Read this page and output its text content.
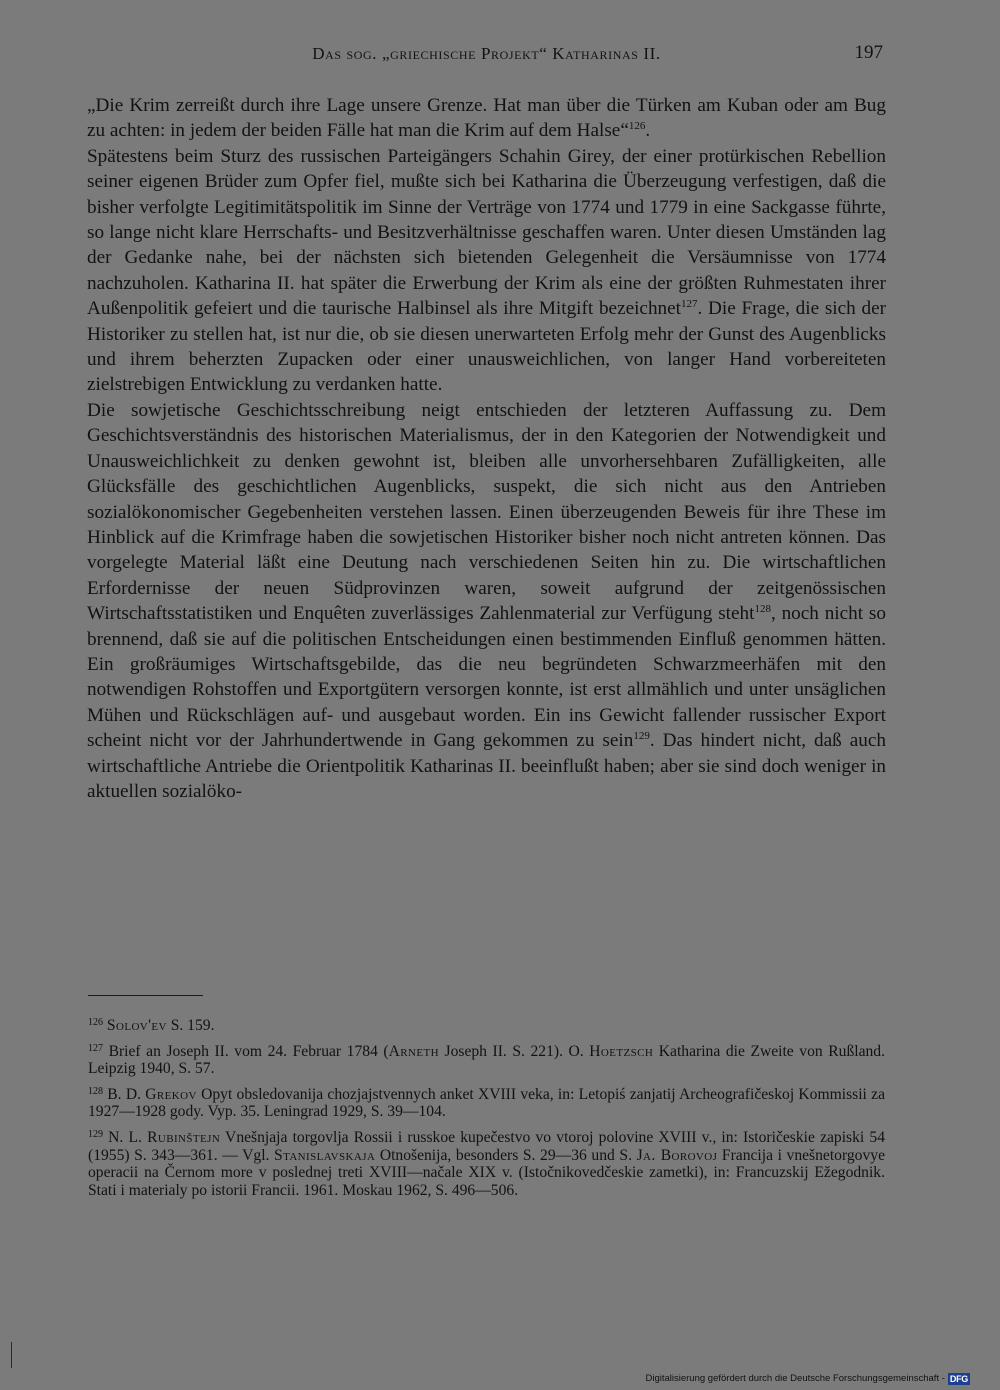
Das sog. „griechische Projekt“ Katharinas II.	197

„Die Krim zerreißt durch ihre Lage unsere Grenze. Hat man über die Türken am Kuban oder am Bug zu achten: in jedem der beiden Fälle hat man die Krim auf dem Halse“$^{126}$.

Spätestens beim Sturz des russischen Parteigängers Schahin Girey, der einer protürkischen Rebellion seiner eigenen Brüder zum Opfer fiel, mußte sich bei Katharina die Überzeugung verfestigen, daß die bisher verfolgte Legitimitätspolitik im Sinne der Verträge von 1774 und 1779 in eine Sackgasse führte, so lange nicht klare Herrschafts- und Besitzverhältnisse geschaffen waren. Unter diesen Umständen lag der Gedanke nahe, bei der nächsten sich bietenden Gelegenheit die Versäumnisse von 1774 nachzuholen. Katharina II. hat später die Erwerbung der Krim als eine der größten Ruhmestaten ihrer Außenpolitik gefeiert und die taurische Halbinsel als ihre Mitgift bezeichnet$^{127}$. Die Frage, die sich der Historiker zu stellen hat, ist nur die, ob sie diesen unerwarteten Erfolg mehr der Gunst des Augenblicks und ihrem beherzten Zupacken oder einer unausweichlichen, von langer Hand vorbereiteten zielstrebigen Entwicklung zu verdanken hatte.

Die sowjetische Geschichtsschreibung neigt entschieden der letzteren Auffassung zu. Dem Geschichtsverständnis des historischen Materialismus, der in den Kategorien der Notwendigkeit und Unausweichlichkeit zu denken gewohnt ist, bleiben alle unvorhersehbaren Zufälligkeiten, alle Glücksfälle des geschichtlichen Augenblicks, suspekt, die sich nicht aus den Antrieben sozialökonomischer Gegebenheiten verstehen lassen. Einen überzeugenden Beweis für ihre These im Hinblick auf die Krimfrage haben die sowjetischen Historiker bisher noch nicht antreten können. Das vorgelegte Material läßt eine Deutung nach verschiedenen Seiten hin zu. Die wirtschaftlichen Erfordernisse der neuen Südprovinzen waren, soweit aufgrund der zeitgenössischen Wirtschaftsstatistiken und Enquêten zuverlässiges Zahlenmaterial zur Verfügung steht$^{128}$, noch nicht so brennend, daß sie auf die politischen Entscheidungen einen bestimmenden Einfluß genommen hätten. Ein großräumiges Wirtschaftsgebilde, das die neu begründeten Schwarzmeerhäfen mit den notwendigen Rohstoffen und Exportgütern versorgen konnte, ist erst allmählich und unter unsäglichen Mühen und Rückschlägen auf- und ausgebaut worden. Ein ins Gewicht fallender russischer Export scheint nicht vor der Jahrhundertwende in Gang gekommen zu sein$^{129}$. Das hindert nicht, daß auch wirtschaftliche Antriebe die Orientpolitik Katharinas II. beeinflußt haben; aber sie sind doch weniger in aktuellen sozialöko-

$^{126}$ Solov'ev S. 159.

$^{127}$ Brief an Joseph II. vom 24. Februar 1784 (Arneth Joseph II. S. 221). O. Hoetzsch Katharina die Zweite von Rußland. Leipzig 1940, S. 57.

$^{128}$ B. D. Grekov Opyt obsledovanija chozjajstvennych anket XVIII veka, in: Letopiś zanjatij Archeografičeskoj Kommissii za 1927—1928 gody. Vyp. 35. Leningrad 1929, S. 39—104.

$^{129}$ N. L. Rubinštejn Vnešnjaja torgovlja Rossii i russkoe kupečestvo vo vtoroj polovine XVIII v., in: Istoričeskie zapiski 54 (1955) S. 343—361. — Vgl. Stanislavskaja Otnošenija, besonders S. 29—36 und S. Ja. Borovoj Francija i vnešnetorgovye operacii na Černom more v poslednej treti XVIII—načale XIX v. (Istočnikovedčeskie zametki), in: Francuzskij Ežegodnik. Stati i materialy po istorii Francii. 1961. Moskau 1962, S. 496—506.

Digitalisierung gefördert durch die Deutsche Forschungsgemeinschaft - DFG
